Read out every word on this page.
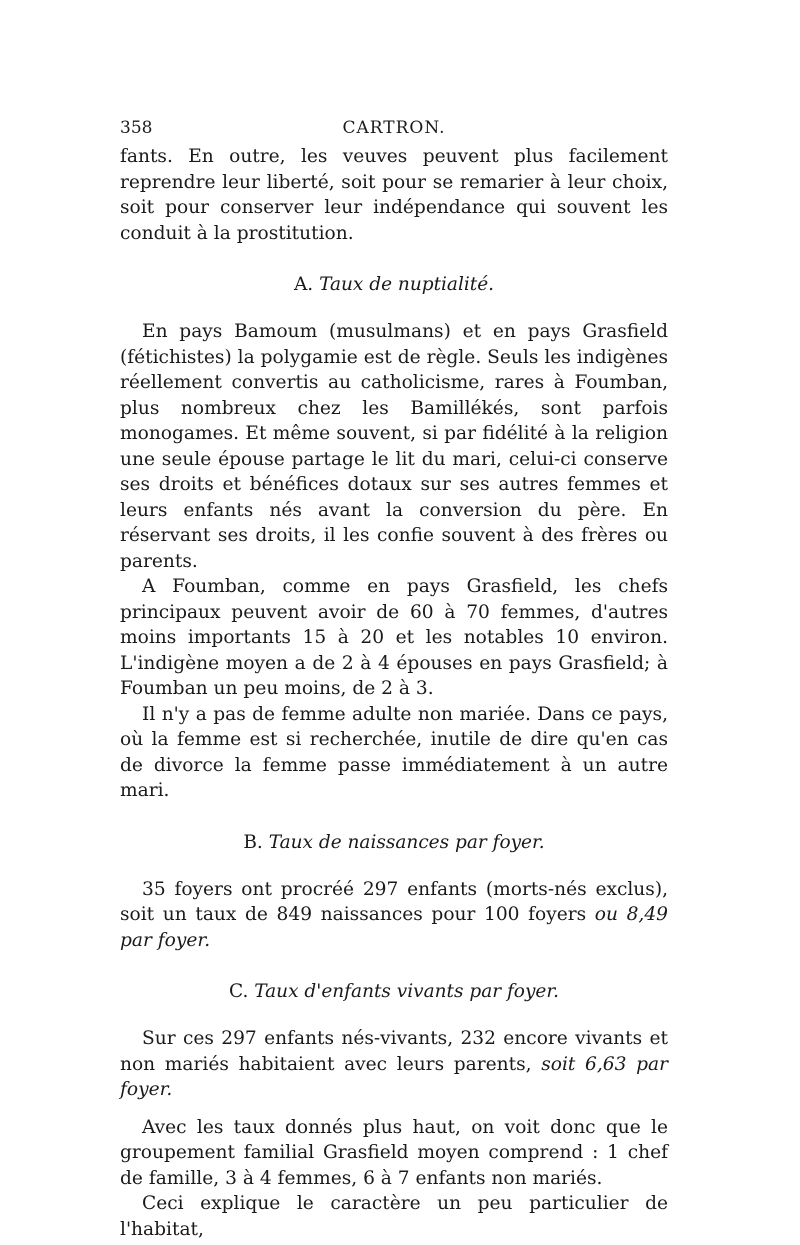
358	CARTRON.

fants. En outre, les veuves peuvent plus facilement reprendre leur liberté, soit pour se remarier à leur choix, soit pour conserver leur indépendance qui souvent les conduit à la prostitution.

A. Taux de nuptialité.

En pays Bamoum (musulmans) et en pays Grasfield (fétichistes) la polygamie est de règle. Seuls les indigènes réellement convertis au catholicisme, rares à Foumban, plus nombreux chez les Bamillékés, sont parfois monogames. Et même souvent, si par fidélité à la religion une seule épouse partage le lit du mari, celui-ci conserve ses droits et bénéfices dotaux sur ses autres femmes et leurs enfants nés avant la conversion du père. En réservant ses droits, il les confie souvent à des frères ou parents.

A Foumban, comme en pays Grasfield, les chefs principaux peuvent avoir de 60 à 70 femmes, d'autres moins importants 15 à 20 et les notables 10 environ. L'indigène moyen a de 2 à 4 épouses en pays Grasfield; à Foumban un peu moins, de 2 à 3.

Il n'y a pas de femme adulte non mariée. Dans ce pays, où la femme est si recherchée, inutile de dire qu'en cas de divorce la femme passe immédiatement à un autre mari.

B. Taux de naissances par foyer.

35 foyers ont procréé 297 enfants (morts-nés exclus), soit un taux de 849 naissances pour 100 foyers ou 8,49 par foyer.

C. Taux d'enfants vivants par foyer.

Sur ces 297 enfants nés-vivants, 232 encore vivants et non mariés habitaient avec leurs parents, soit 6,63 par foyer.

Avec les taux donnés plus haut, on voit donc que le groupement familial Grasfield moyen comprend : 1 chef de famille, 3 à 4 femmes, 6 à 7 enfants non mariés.

Ceci explique le caractère un peu particulier de l'habitat,
